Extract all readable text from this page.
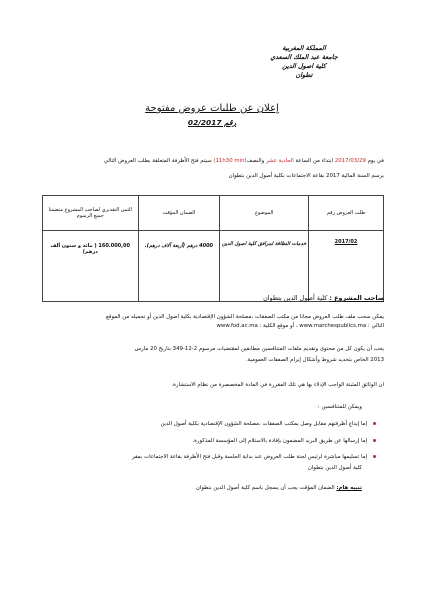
المملكة المغربية
جامعة عبد الملك السعدي
كلية اصول الدين
تطوان
إعلان عن طلبات عروض مفتوحة
رقم 02/2017
في يوم 2017/03/29 ابتداء من الساعة الحادية عشر والنصف(11h30 min) سيتم فتح الأظرفة المتعلقة بطلب العروض التالي
برسم السنة المالية 2017 بقاعة الاجتماعات بكلية أصول الدين بتطوان
طلب العروض رقم	الموضوع	الضمان المؤقت	الثمن التقديري لصاحب المشروع متضمنا جميع الرسوم
2017/02	خدمات النظافة لمرافق كلية اصول الدين	4000 درهم (أربعة آلاف درهم).	160.000,00 ( مائة و ستون ألف درهم)
صاحب المشروع : كلية أصول الدين بتطوان
يمكن سحب ملف طلب العروض مجانا من مكتب الصفقات ،مصلحة الشؤون الإقتصادية بكلية اصول الدين أو تحميله من الموقع
التالي : www.marchespublics.ma ، أو موقع الكلية : www.fod.ac.ma
يجب أن يكون كل من محتوى وتقديم ملفات المتنافسين مطابقين لمقتضيات مرسوم 2-12-349 بتاريخ 20 مارس
2013 الخاص بتحديد شروط وأشكال إبرام الصفقات العمومية.
ان الوثائق المثبتة الواجب الإدلاء بها هي تلك المقررة في المادة المخصصرة من نظام الاستشارة.
ويمكن للمتنافسين :
إما إيداع أظرفتهم مقابل وصل بمكتب الصفقات ،مصلحة الشؤون الإقتصادية بكلية أصول الدين
إما إرسالها عن طريق البريد المضمون بإفادة بالاستلام إلى المؤسسة المذكورة.
إما تسليمها مباشرة لرئيس لجنة طلب العروض عند بداية الجلسة وقبل فتح الأظرفة بقاعة الاجتماعات بمقر
كلية أصول الدين بتطوان
تنبيه هام: الضمان المؤقت يجب أن يسجل باسم كلية أصول الدين بتطوان
